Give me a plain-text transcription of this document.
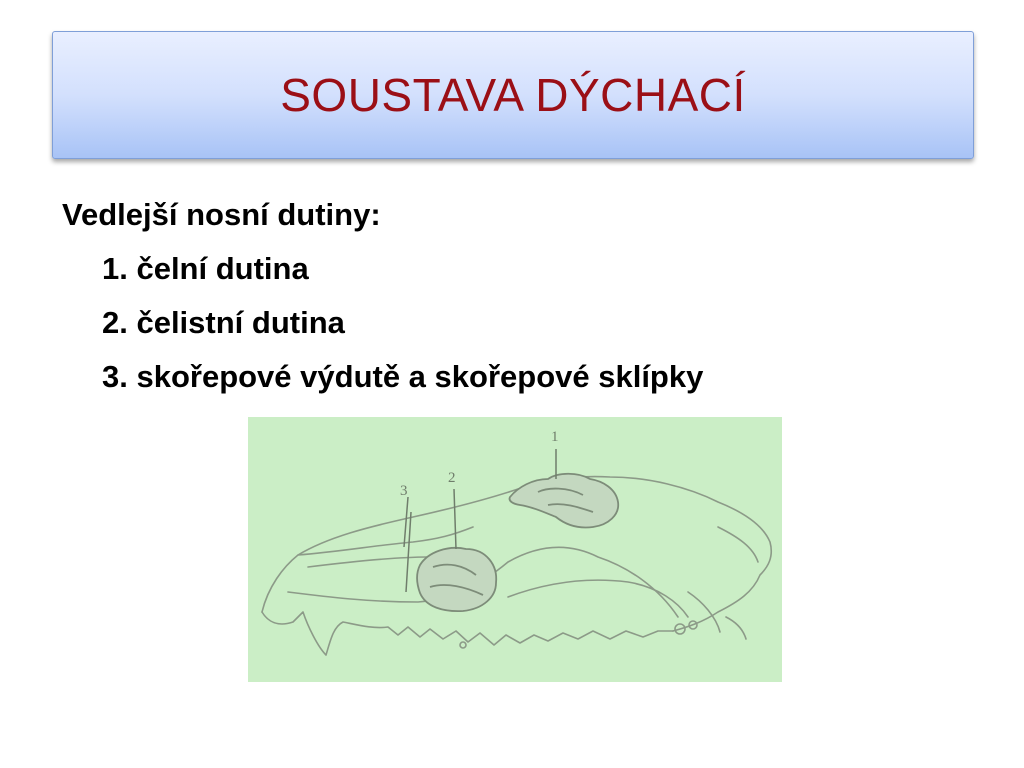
SOUSTAVA DÝCHACÍ
Vedlejší nosní dutiny:
1. čelní dutina
2. čelistní dutina
3. skořepové výdutě a skořepové sklípky
1
2
3
